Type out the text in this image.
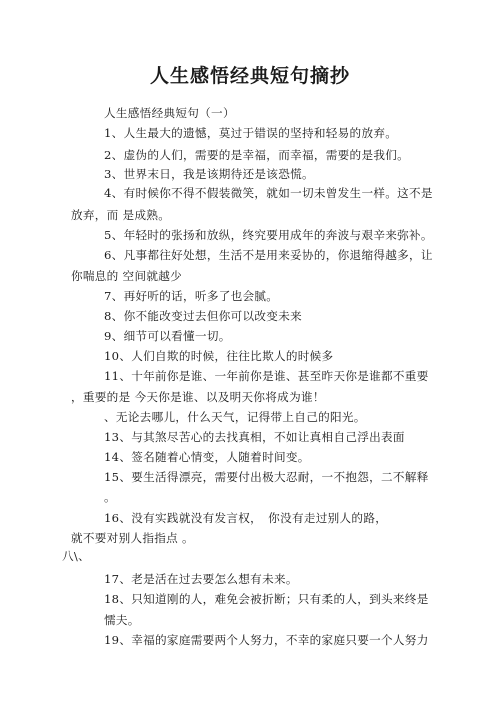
人生感悟经典短句摘抄
人生感悟经典短句（一）
1、人生最大的遗憾，莫过于错误的坚持和轻易的放弃。
2、虚伪的人们，需要的是幸福，而幸福，需要的是我们。
3、世界末日，我是该期待还是该恐慌。
4、有时候你不得不假装微笑，就如一切未曾发生一样。这不是
放弃，而 是成熟。
5、年轻时的张扬和放纵，终究要用成年的奔波与艰辛来弥补。
6、凡事都往好处想，生活不是用来妥协的，你退缩得越多，让
你喘息的 空间就越少
7、再好听的话，听多了也会腻。
8、你不能改变过去但你可以改变未来
9、细节可以看懂一切。
10、人们自欺的时候，往往比欺人的时候多
11、十年前你是谁、一年前你是谁、甚至昨天你是谁都不重要
，重要的是 今天你是谁、以及明天你将成为谁！
、无论去哪儿，什么天气，记得带上自己的阳光。
13、与其煞尽苦心的去找真相，不如让真相自己浮出表面
14、签名随着心情变，人随着时间变。
15、要生活得漂亮，需要付出极大忍耐，一不抱怨，二不解释
。
16、没有实践就没有发言权，　你没有走过别人的路，
就不要对别人指指点 。
八\、
17、老是活在过去要怎么想有未来。
18、只知道刚的人，难免会被折断；只有柔的人，到头来终是
懦夫。
19、幸福的家庭需要两个人努力，不幸的家庭只要一个人努力
